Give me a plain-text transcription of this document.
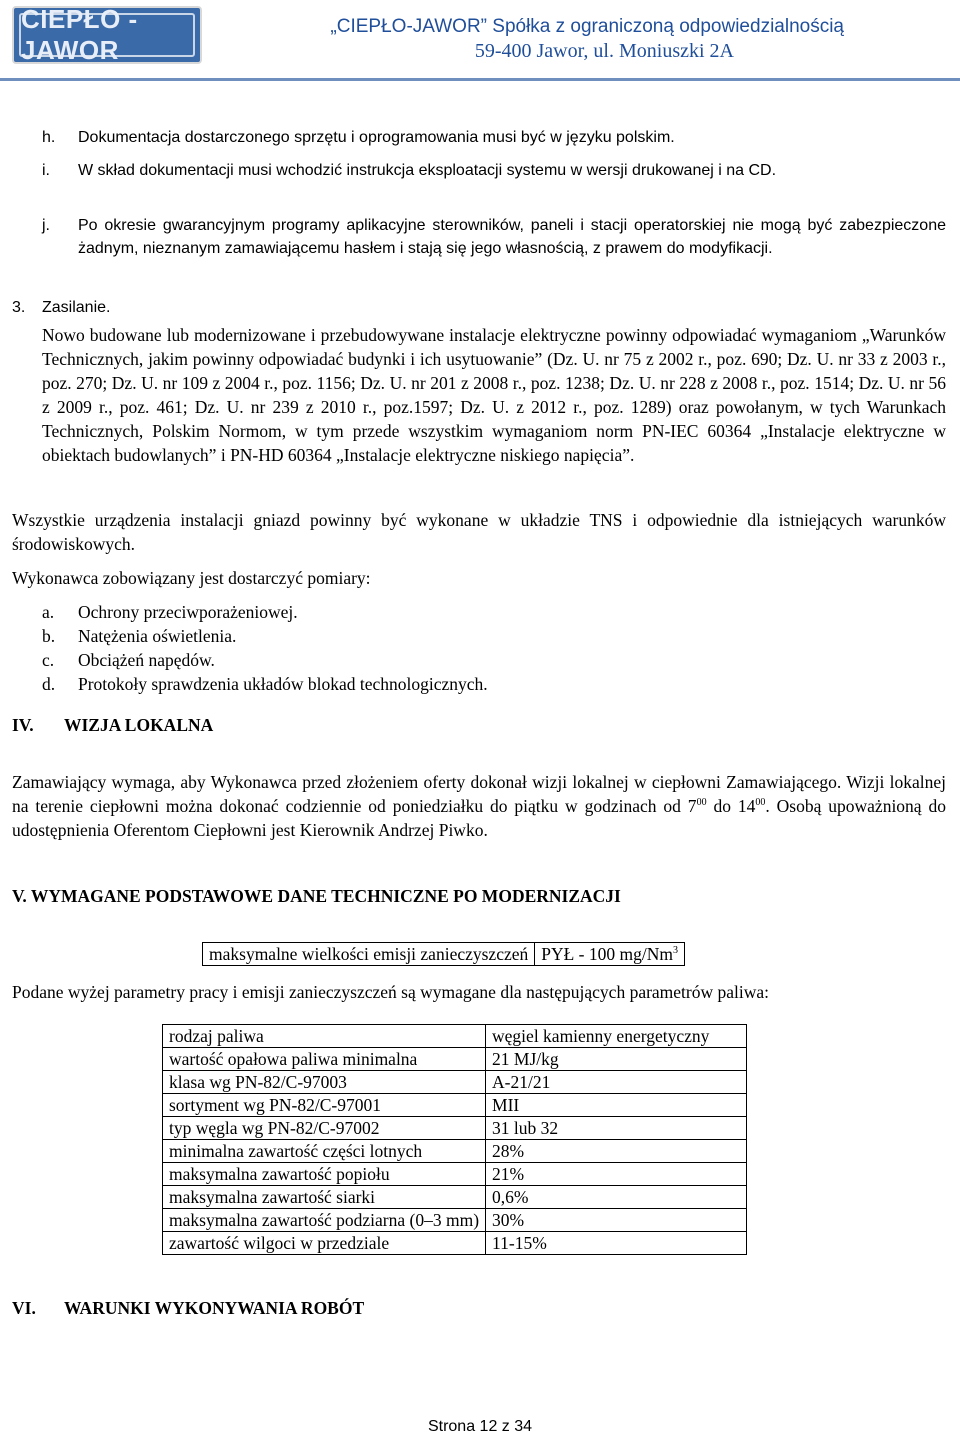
CIEPŁO - JAWOR
„CIEPŁO-JAWOR” Spółka z ograniczoną odpowiedzialnością
59-400 Jawor, ul. Moniuszki 2A
h.	Dokumentacja dostarczonego sprzętu i oprogramowania musi być w języku polskim.
i.	W skład dokumentacji musi wchodzić instrukcja eksploatacji systemu w wersji drukowanej i na CD.
j.	Po okresie gwarancyjnym programy aplikacyjne sterowników, paneli i stacji operatorskiej nie mogą być zabezpieczone żadnym, nieznanym zamawiającemu hasłem i stają się jego własnością, z prawem do modyfikacji.
3.	Zasilanie.
Nowo budowane lub modernizowane i przebudowywane instalacje elektryczne powinny odpowiadać wymaganiom „Warunków Technicznych, jakim powinny odpowiadać budynki i ich usytuowanie” (Dz. U. nr 75 z 2002 r., poz. 690; Dz. U. nr 33 z 2003 r., poz. 270; Dz. U. nr 109 z 2004 r., poz. 1156; Dz. U. nr 201 z 2008 r., poz. 1238; Dz. U. nr 228 z 2008 r., poz. 1514; Dz. U. nr 56 z 2009 r., poz. 461; Dz. U. nr 239 z 2010 r., poz.1597; Dz. U. z 2012 r., poz. 1289) oraz powołanym, w tych Warunkach Technicznych, Polskim Normom, w tym przede wszystkim wymaganiom norm PN-IEC 60364 „Instalacje elektryczne w obiektach budowlanych” i PN-HD 60364 „Instalacje elektryczne niskiego napięcia”.
Wszystkie urządzenia instalacji gniazd powinny być wykonane w układzie TNS i odpowiednie dla istniejących warunków środowiskowych.
Wykonawca zobowiązany jest dostarczyć pomiary:
a.	Ochrony przeciwporażeniowej.
b.	Natężenia oświetlenia.
c.	Obciążeń napędów.
d.	Protokoły sprawdzenia układów blokad technologicznych.
IV.	WIZJA LOKALNA
Zamawiający wymaga, aby Wykonawca przed złożeniem oferty dokonał wizji lokalnej w ciepłowni Zamawiającego. Wizji lokalnej na terenie ciepłowni można dokonać codziennie od poniedziałku do piątku w godzinach od $7^{00}$ do $14^{00}$. Osobą upoważnioną do udostępnienia Oferentom Ciepłowni jest Kierownik Andrzej Piwko.
V. WYMAGANE PODSTAWOWE DANE TECHNICZNE PO MODERNIZACJI
maksymalne wielkości emisji zanieczyszczeń	PYŁ - 100 mg/Nm$^3$
Podane wyżej parametry pracy i emisji zanieczyszczeń są wymagane dla następujących parametrów paliwa:
rodzaj paliwa	węgiel kamienny energetyczny
wartość opałowa paliwa minimalna	21 MJ/kg
klasa wg PN-82/C-97003	A-21/21
sortyment wg PN-82/C-97001	MII
typ węgla wg PN-82/C-97002	31 lub 32
minimalna zawartość części lotnych	28%
maksymalna zawartość popiołu	21%
maksymalna zawartość siarki	0,6%
maksymalna zawartość podziarna (0–3 mm)	30%
zawartość wilgoci w przedziale	11-15%
VI.	WARUNKI WYKONYWANIA ROBÓT
Strona 12 z 34
